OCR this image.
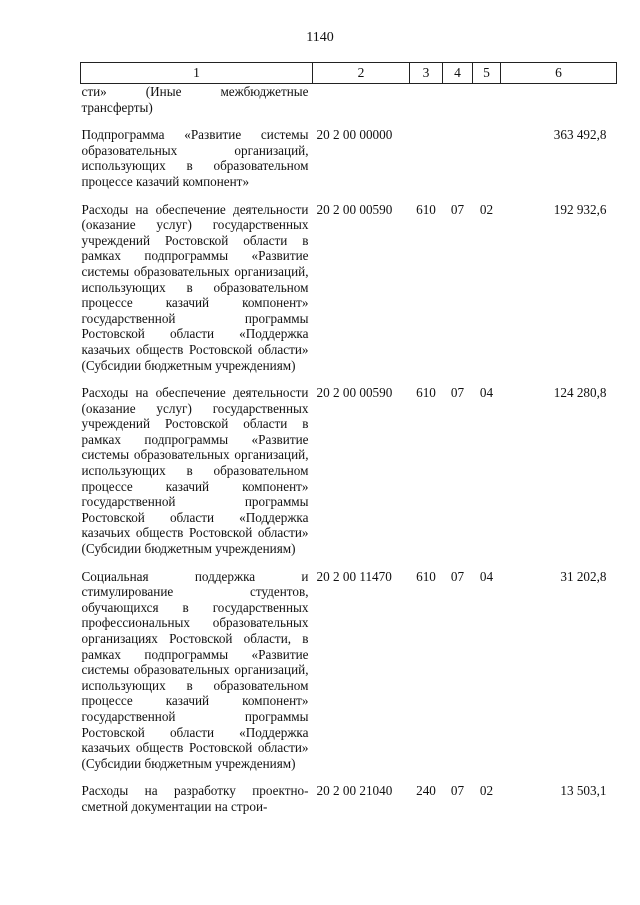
1140
1	2	3	4	5	6
сти» (Иные межбюджетные трансферты)					
Подпрограмма «Развитие системы образовательных организаций, использующих в образовательном процессе казачий компонент»	20 2 00 00000				363 492,8
Расходы на обеспечение деятельности (оказание услуг) государственных учреждений Ростовской области в рамках подпрограммы «Развитие системы образовательных организаций, использующих в образовательном процессе казачий компонент» государственной программы Ростовской области «Поддержка казачьих обществ Ростовской области» (Субсидии бюджетным учреждениям)	20 2 00 00590	610	07	02	192 932,6
Расходы на обеспечение деятельности (оказание услуг) государственных учреждений Ростовской области в рамках подпрограммы «Развитие системы образовательных организаций, использующих в образовательном процессе казачий компонент» государственной программы Ростовской области «Поддержка казачьих обществ Ростовской области» (Субсидии бюджетным учреждениям)	20 2 00 00590	610	07	04	124 280,8
Социальная поддержка и стимулирование студентов, обучающихся в государственных профессиональных образовательных организациях Ростовской области, в рамках подпрограммы «Развитие системы образовательных организаций, использующих в образовательном процессе казачий компонент» государственной программы Ростовской области «Поддержка казачьих обществ Ростовской области» (Субсидии бюджетным учреждениям)	20 2 00 11470	610	07	04	31 202,8
Расходы на разработку проектно-сметной документации на строи-	20 2 00 21040	240	07	02	13 503,1
